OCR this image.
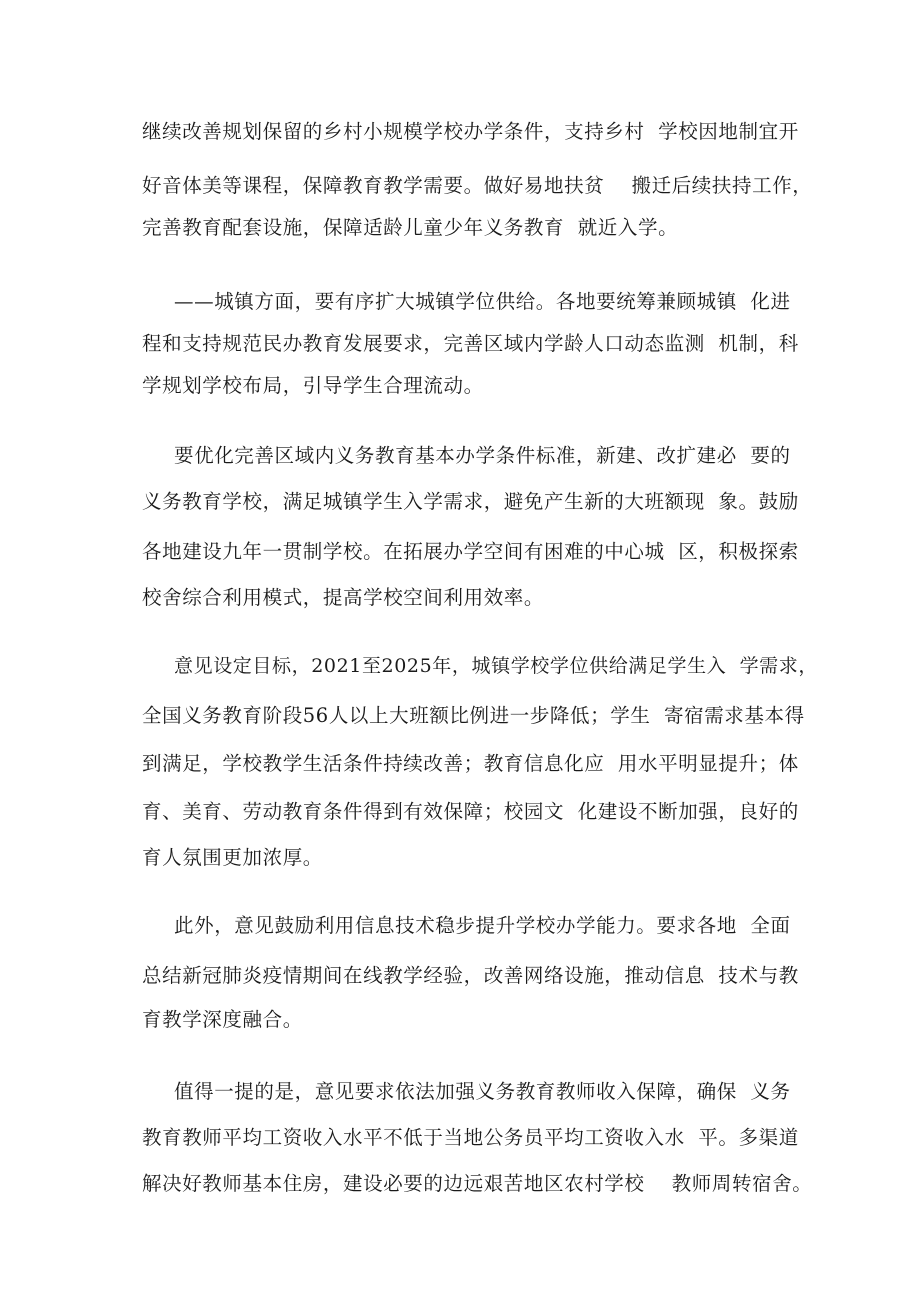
继续改善规划保留的乡村小规模学校办学条件，支持乡村  学校因地制宜开

好音体美等课程，保障教育教学需要。做好易地扶贫    搬迁后续扶持工作，

完善教育配套设施，保障适龄儿童少年义务教育  就近入学。

——城镇方面，要有序扩大城镇学位供给。各地要统筹兼顾城镇  化进

程和支持规范民办教育发展要求，完善区域内学龄人口动态监测  机制，科

学规划学校布局，引导学生合理流动。

要优化完善区域内义务教育基本办学条件标准，新建、改扩建必  要的

义务教育学校，满足城镇学生入学需求，避免产生新的大班额现  象。鼓励

各地建设九年一贯制学校。在拓展办学空间有困难的中心城  区，积极探索

校舍综合利用模式，提高学校空间利用效率。

意见设定目标，2021至2025年，城镇学校学位供给满足学生入  学需求，

全国义务教育阶段56人以上大班额比例进一步降低；学生  寄宿需求基本得

到满足，学校教学生活条件持续改善；教育信息化应  用水平明显提升；体

育、美育、劳动教育条件得到有效保障；校园文  化建设不断加强，良好的

育人氛围更加浓厚。

此外，意见鼓励利用信息技术稳步提升学校办学能力。要求各地  全面

总结新冠肺炎疫情期间在线教学经验，改善网络设施，推动信息  技术与教

育教学深度融合。

值得一提的是，意见要求依法加强义务教育教师收入保障，确保  义务

教育教师平均工资收入水平不低于当地公务员平均工资收入水  平。多渠道

解决好教师基本住房，建设必要的边远艰苦地区农村学校    教师周转宿舍。
